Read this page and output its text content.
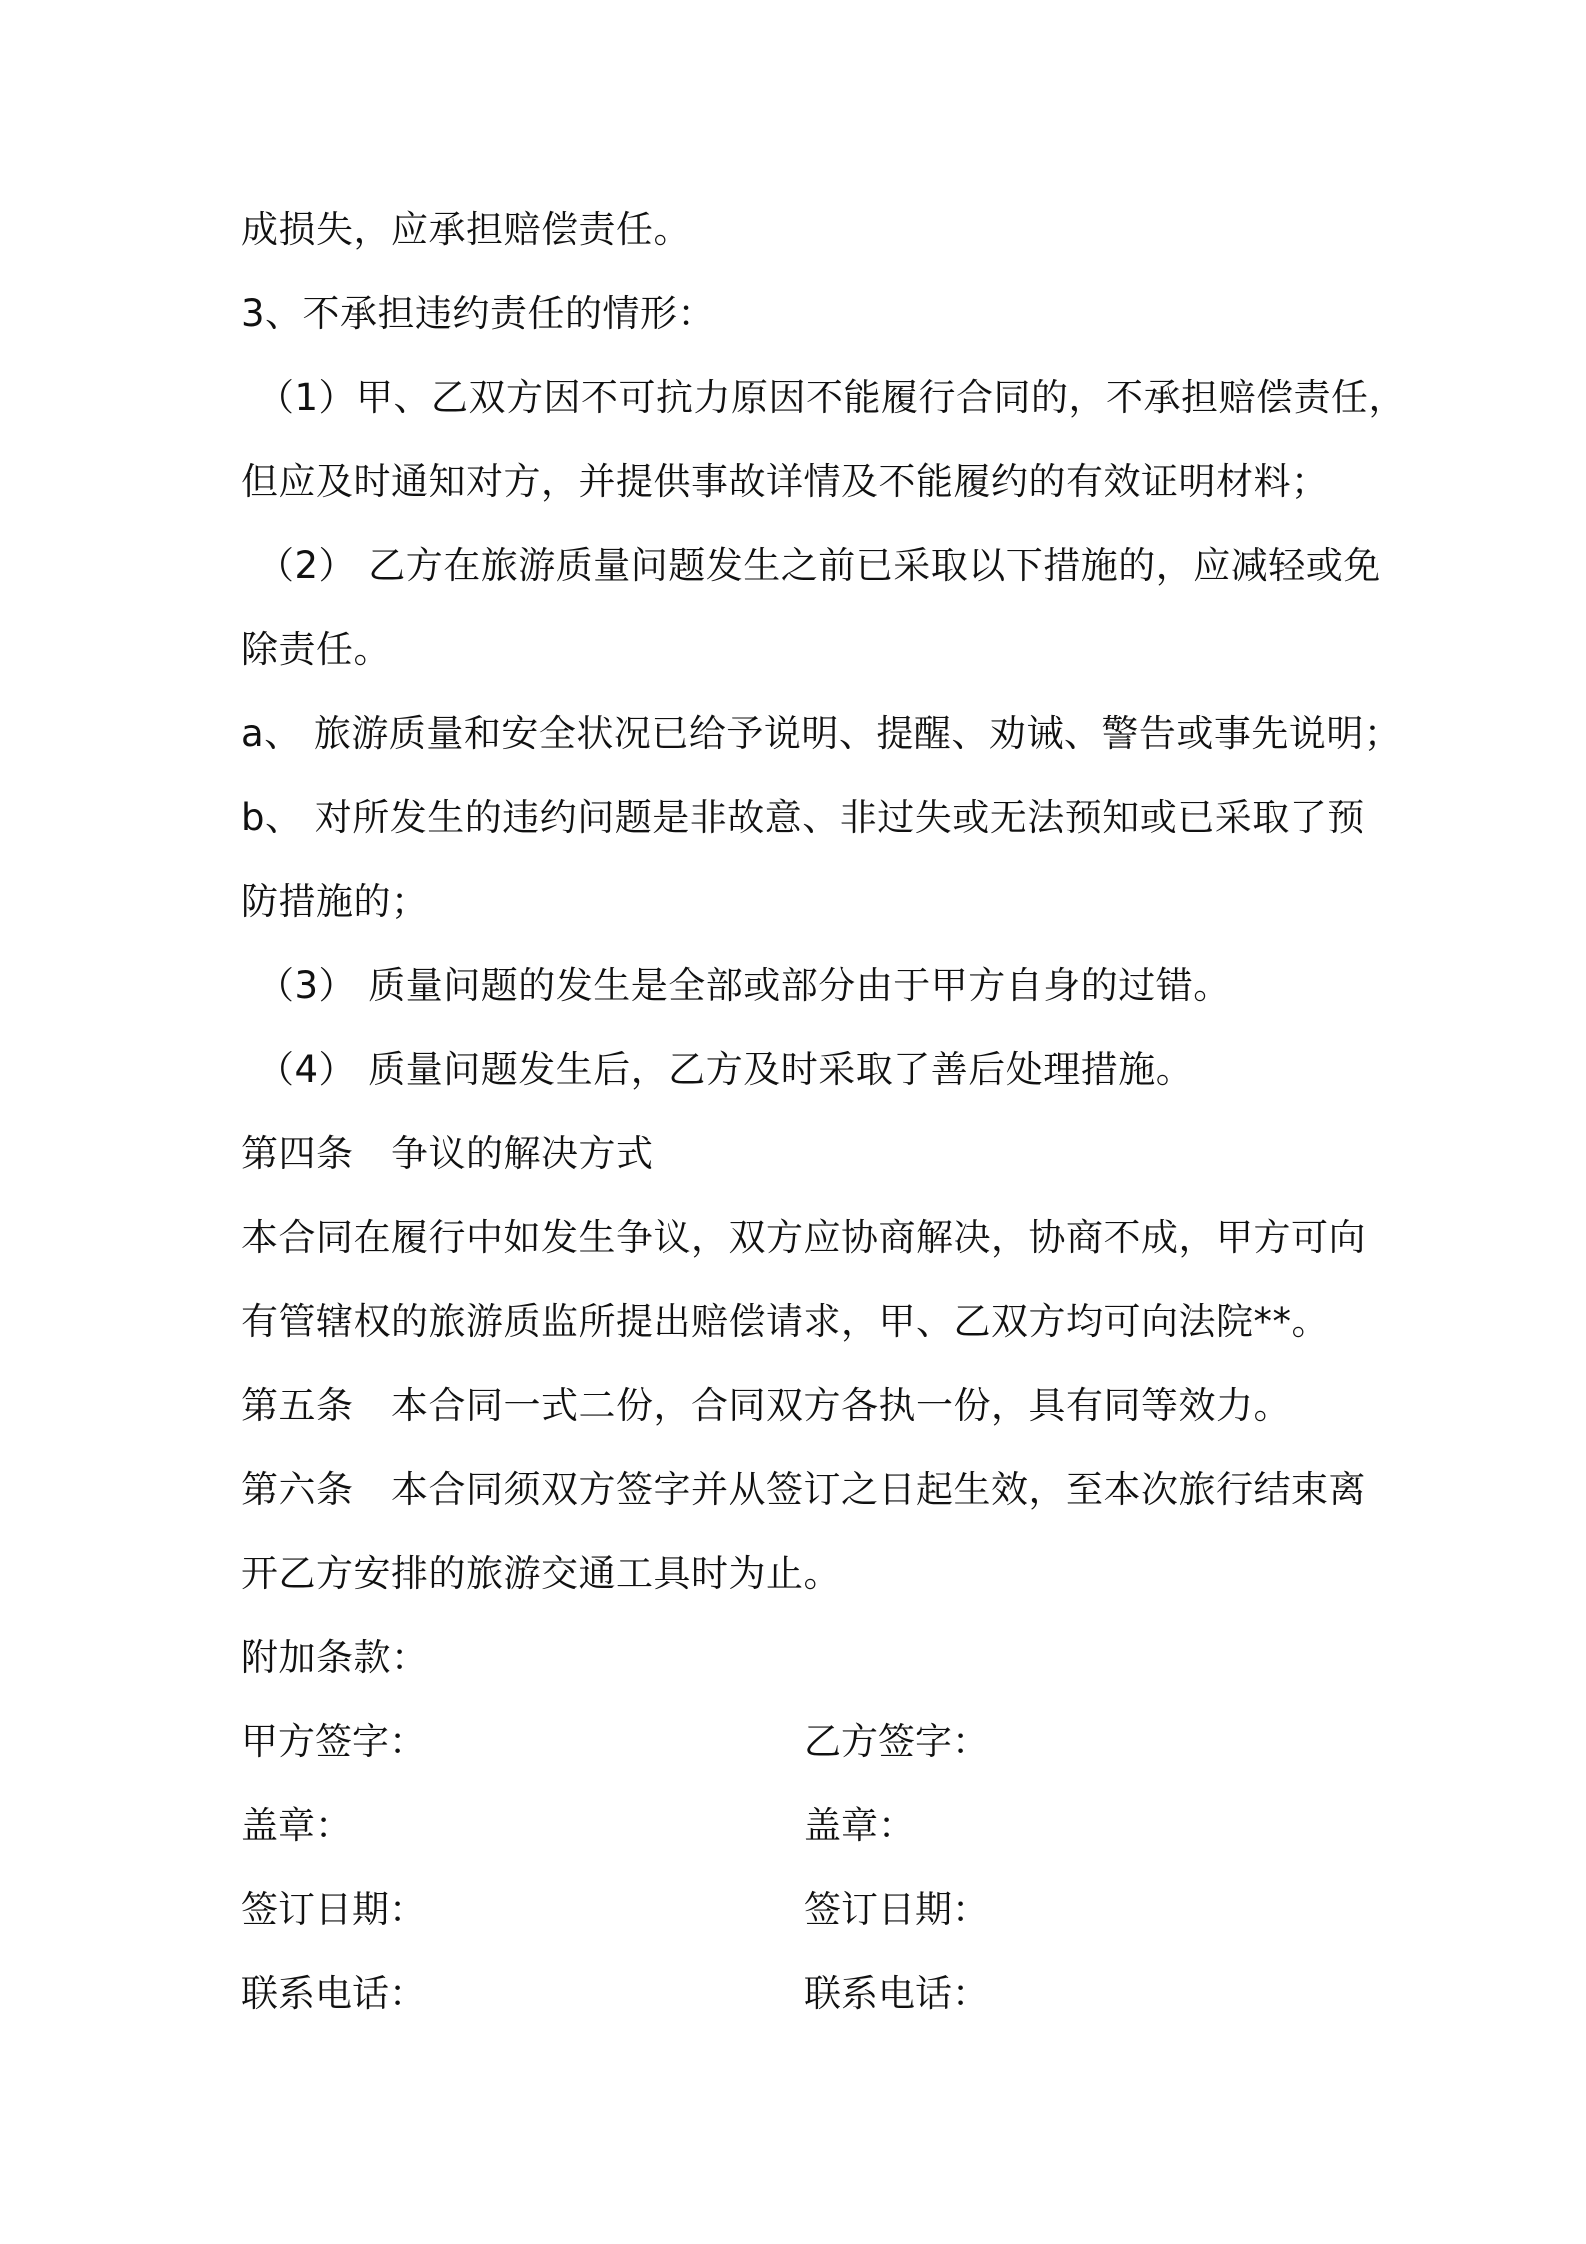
成损失，应承担赔偿责任。
3、不承担违约责任的情形：
（1）甲、乙双方因不可抗力原因不能履行合同的，不承担赔偿责任，
但应及时通知对方，并提供事故详情及不能履约的有效证明材料；
（2） 乙方在旅游质量问题发生之前已采取以下措施的，应减轻或免
除责任。
a、 旅游质量和安全状况已给予说明、提醒、劝诫、警告或事先说明；
b、 对所发生的违约问题是非故意、非过失或无法预知或已采取了预
防措施的；
（3） 质量问题的发生是全部或部分由于甲方自身的过错。
（4） 质量问题发生后，乙方及时采取了善后处理措施。
第四条　争议的解决方式
本合同在履行中如发生争议，双方应协商解决，协商不成，甲方可向
有管辖权的旅游质监所提出赔偿请求，甲、乙双方均可向法院**。
第五条　本合同一式二份，合同双方各执一份，具有同等效力。
第六条　本合同须双方签字并从签订之日起生效，至本次旅行结束离
开乙方安排的旅游交通工具时为止。
附加条款：
甲方签字：	乙方签字：
盖章：	盖章：
签订日期：	签订日期：
联系电话：	联系电话：
